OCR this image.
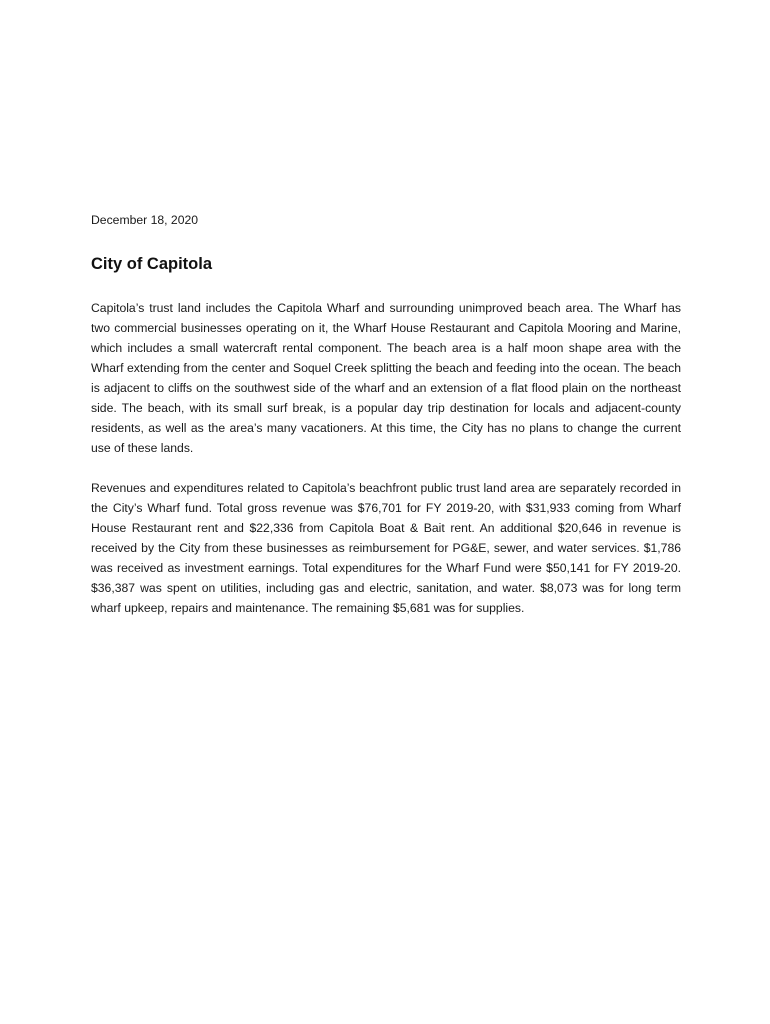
December 18, 2020

City of Capitola

Capitola’s trust land includes the Capitola Wharf and surrounding unimproved beach area. The Wharf has two commercial businesses operating on it, the Wharf House Restaurant and Capitola Mooring and Marine, which includes a small watercraft rental component. The beach area is a half moon shape area with the Wharf extending from the center and Soquel Creek splitting the beach and feeding into the ocean. The beach is adjacent to cliffs on the southwest side of the wharf and an extension of a flat flood plain on the northeast side. The beach, with its small surf break, is a popular day trip destination for locals and adjacent-county residents, as well as the area’s many vacationers. At this time, the City has no plans to change the current use of these lands.

Revenues and expenditures related to Capitola’s beachfront public trust land area are separately recorded in the City’s Wharf fund. Total gross revenue was $76,701 for FY 2019-20, with $31,933 coming from Wharf House Restaurant rent and $22,336 from Capitola Boat & Bait rent. An additional $20,646 in revenue is received by the City from these businesses as reimbursement for PG&E, sewer, and water services. $1,786 was received as investment earnings. Total expenditures for the Wharf Fund were $50,141 for FY 2019-20. $36,387 was spent on utilities, including gas and electric, sanitation, and water. $8,073 was for long term wharf upkeep, repairs and maintenance. The remaining $5,681 was for supplies.
